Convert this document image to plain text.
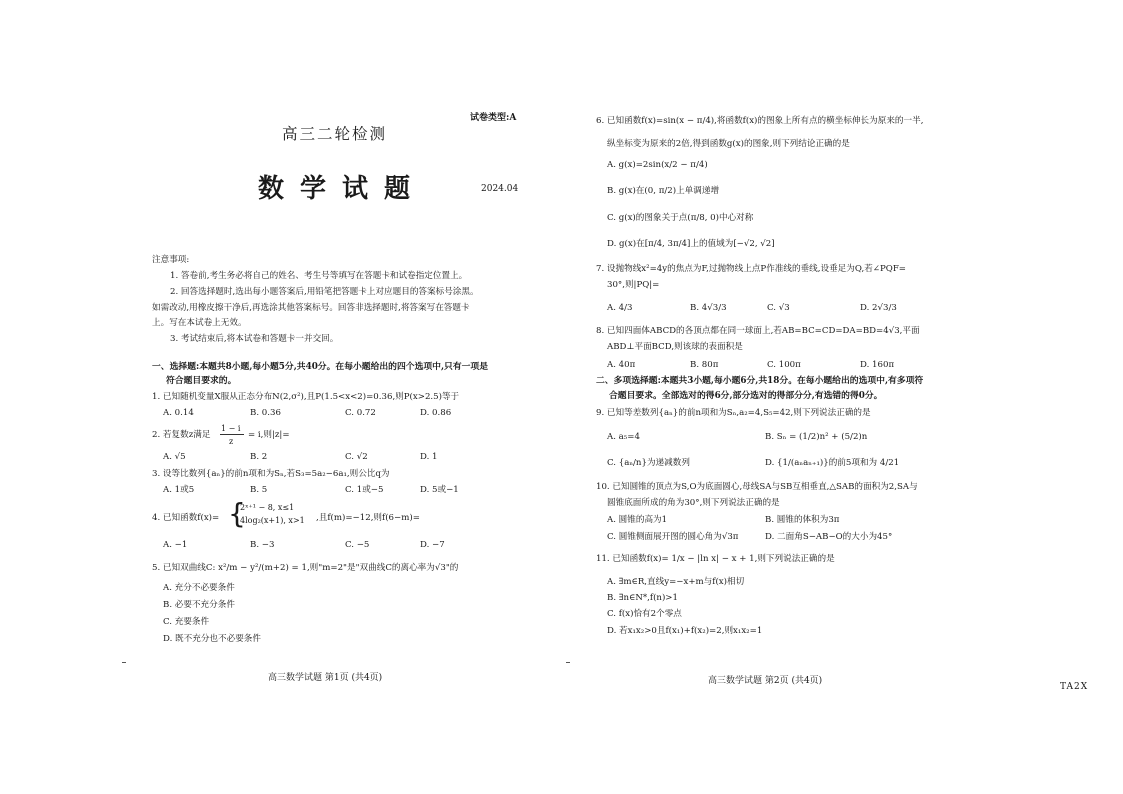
试卷类型:A
高三二轮检测
数学试题	2024.04
注意事项:
1. 答卷前,考生务必将自己的姓名、考生号等填写在答题卡和试卷指定位置上。
2. 回答选择题时,选出每小题答案后,用铅笔把答题卡上对应题目的答案标号涂黑。
如需改动,用橡皮擦干净后,再选涂其他答案标号。回答非选择题时,将答案写在答题卡
上。写在本试卷上无效。
3. 考试结束后,将本试卷和答题卡一并交回。
一、选择题:本题共8小题,每小题5分,共40分。在每小题给出的四个选项中,只有一项是
符合题目要求的。
1. 已知随机变量X服从正态分布N(2,σ²),且P(1.5<x<2)=0.36,则P(x>2.5)等于
A. 0.14	B. 0.36	C. 0.72	D. 0.86
2. 若复数z满足
1 − i
z
= i,则|z|=
A. √5	B. 2	C. √2	D. 1
3. 设等比数列{aₙ}的前n项和为Sₙ,若S₃=5a₂−6a₁,则公比q为
A. 1或5	B. 5	C. 1或−5	D. 5或−1
4. 已知函数f(x)= {
2ˣ⁺¹ − 8, x≤1
4log₂(x+1), x>1 ,且f(m)=−12,则f(6−m)=
A. −1	B. −3	C. −5	D. −7
5. 已知双曲线C: x²/m − y²/(m+2) = 1,则"m=2"是"双曲线C的离心率为√3"的
A. 充分不必要条件
B. 必要不充分条件
C. 充要条件
D. 既不充分也不必要条件
高三数学试题 第1页 (共4页)
6. 已知函数f(x)=sin(x − π/4),将函数f(x)的图象上所有点的横坐标伸长为原来的一半,
纵坐标变为原来的2倍,得到函数g(x)的图象,则下列结论正确的是
A. g(x)=2sin(x/2 − π/4)
B. g(x)在(0, π/2)上单调递增
C. g(x)的图象关于点(π/8, 0)中心对称
D. g(x)在[π/4, 3π/4]上的值域为[−√2, √2]
7. 设抛物线x²=4y的焦点为F,过抛物线上点P作准线的垂线,设垂足为Q,若∠PQF=
30°,则|PQ|=
A. 4/3	B. 4√3/3	C. √3	D. 2√3/3
8. 已知四面体ABCD的各顶点都在同一球面上,若AB=BC=CD=DA=BD=4√3,平面
ABD⊥平面BCD,则该球的表面积是
A. 40π	B. 80π	C. 100π	D. 160π
二、多项选择题:本题共3小题,每小题6分,共18分。在每小题给出的选项中,有多项符
合题目要求。全部选对的得6分,部分选对的得部分分,有选错的得0分。
9. 已知等差数列{aₙ}的前n项和为Sₙ,a₂=4,S₅=42,则下列说法正确的是
A. a₅=4	B. Sₙ = (1/2)n² + (5/2)n
C. {aₙ/n}为递减数列	D. {1/(aₙaₙ₊₁)}的前5项和为 4/21
10. 已知圆锥的顶点为S,O为底面圆心,母线SA与SB互相垂直,△SAB的面积为2,SA与
圆锥底面所成的角为30°,则下列说法正确的是
A. 圆锥的高为1	B. 圆锥的体积为3π
C. 圆锥侧面展开图的圆心角为√3π	D. 二面角S−AB−O的大小为45°
11. 已知函数f(x)= 1/x − |ln x| − x + 1,则下列说法正确的是
A. ∃m∈R,直线y=−x+m与f(x)相切
B. ∃n∈N*,f(n)>1
C. f(x)恰有2个零点
D. 若x₁x₂>0且f(x₁)+f(x₂)=2,则x₁x₂=1
高三数学试题 第2页 (共4页)
TA2X
